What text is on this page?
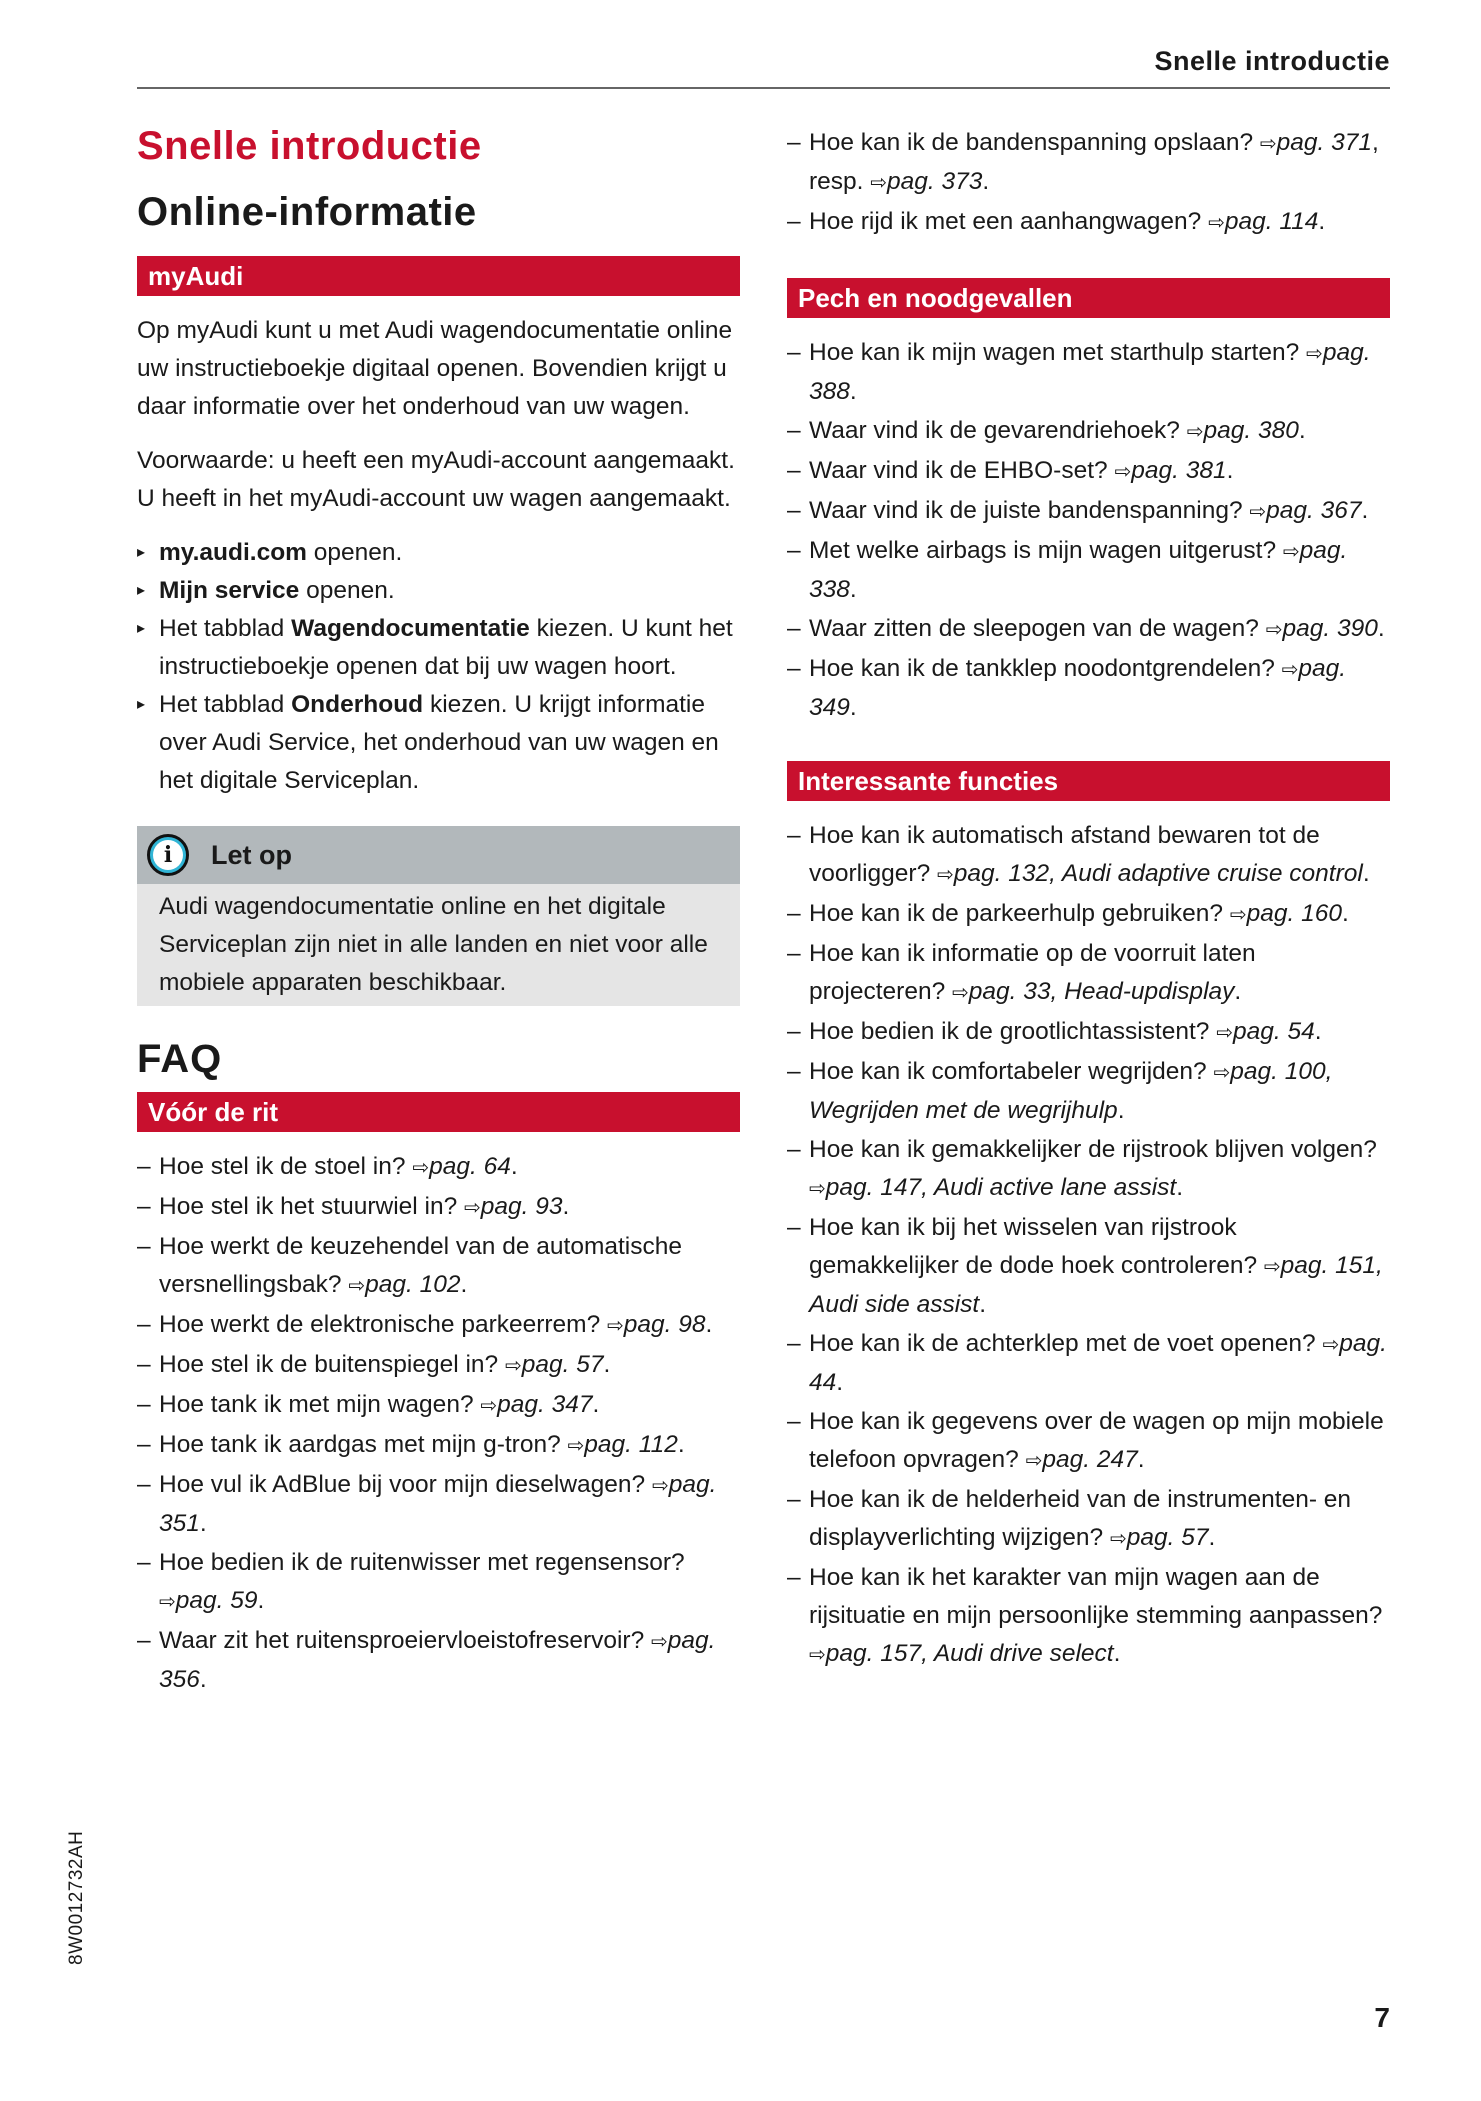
Snelle introductie
Snelle introductie
Online-informatie
myAudi

Op myAudi kunt u met Audi wagendocumentatie online uw instructieboekje digitaal openen. Bovendien krijgt u daar informatie over het onderhoud van uw wagen.

Voorwaarde: u heeft een myAudi-account aangemaakt. U heeft in het myAudi-account uw wagen aangemaakt.

▸ my.audi.com openen.
▸ Mijn service openen.
▸ Het tabblad Wagendocumentatie kiezen. U kunt het instructieboekje openen dat bij uw wagen hoort.
▸ Het tabblad Onderhoud kiezen. U krijgt informatie over Audi Service, het onderhoud van uw wagen en het digitale Serviceplan.
i	Let op
Audi wagendocumentatie online en het digitale Serviceplan zijn niet in alle landen en niet voor alle mobiele apparaten beschikbaar.
FAQ
Vóór de rit
– Hoe stel ik de stoel in? ⇨pag. 64.
– Hoe stel ik het stuurwiel in? ⇨pag. 93.
– Hoe werkt de keuzehendel van de automatische versnellingsbak? ⇨pag. 102.
– Hoe werkt de elektronische parkeerrem? ⇨pag. 98.
– Hoe stel ik de buitenspiegel in? ⇨pag. 57.
– Hoe tank ik met mijn wagen? ⇨pag. 347.
– Hoe tank ik aardgas met mijn g-tron? ⇨pag. 112.
– Hoe vul ik AdBlue bij voor mijn dieselwagen? ⇨pag. 351.
– Hoe bedien ik de ruitenwisser met regensensor? ⇨pag. 59.
– Waar zit het ruitensproeiervloeistofreservoir? ⇨pag. 356.
– Hoe kan ik de bandenspanning opslaan? ⇨pag. 371, resp. ⇨pag. 373.
– Hoe rijd ik met een aanhangwagen? ⇨pag. 114.
Pech en noodgevallen
– Hoe kan ik mijn wagen met starthulp starten? ⇨pag. 388.
– Waar vind ik de gevarendriehoek? ⇨pag. 380.
– Waar vind ik de EHBO-set? ⇨pag. 381.
– Waar vind ik de juiste bandenspanning? ⇨pag. 367.
– Met welke airbags is mijn wagen uitgerust? ⇨pag. 338.
– Waar zitten de sleepogen van de wagen? ⇨pag. 390.
– Hoe kan ik de tankklep noodontgrendelen? ⇨pag. 349.
Interessante functies
– Hoe kan ik automatisch afstand bewaren tot de voorligger? ⇨pag. 132, Audi adaptive cruise control.
– Hoe kan ik de parkeerhulp gebruiken? ⇨pag. 160.
– Hoe kan ik informatie op de voorruit laten projecteren? ⇨pag. 33, Head-updisplay.
– Hoe bedien ik de grootlichtassistent? ⇨pag. 54.
– Hoe kan ik comfortabeler wegrijden? ⇨pag. 100, Wegrijden met de wegrijhulp.
– Hoe kan ik gemakkelijker de rijstrook blijven volgen? ⇨pag. 147, Audi active lane assist.
– Hoe kan ik bij het wisselen van rijstrook gemakkelijker de dode hoek controleren? ⇨pag. 151, Audi side assist.
– Hoe kan ik de achterklep met de voet openen? ⇨pag. 44.
– Hoe kan ik gegevens over de wagen op mijn mobiele telefoon opvragen? ⇨pag. 247.
– Hoe kan ik de helderheid van de instrumenten- en displayverlichting wijzigen? ⇨pag. 57.
– Hoe kan ik het karakter van mijn wagen aan de rijsituatie en mijn persoonlijke stemming aanpassen? ⇨pag. 157, Audi drive select.
8W0012732AH
7
